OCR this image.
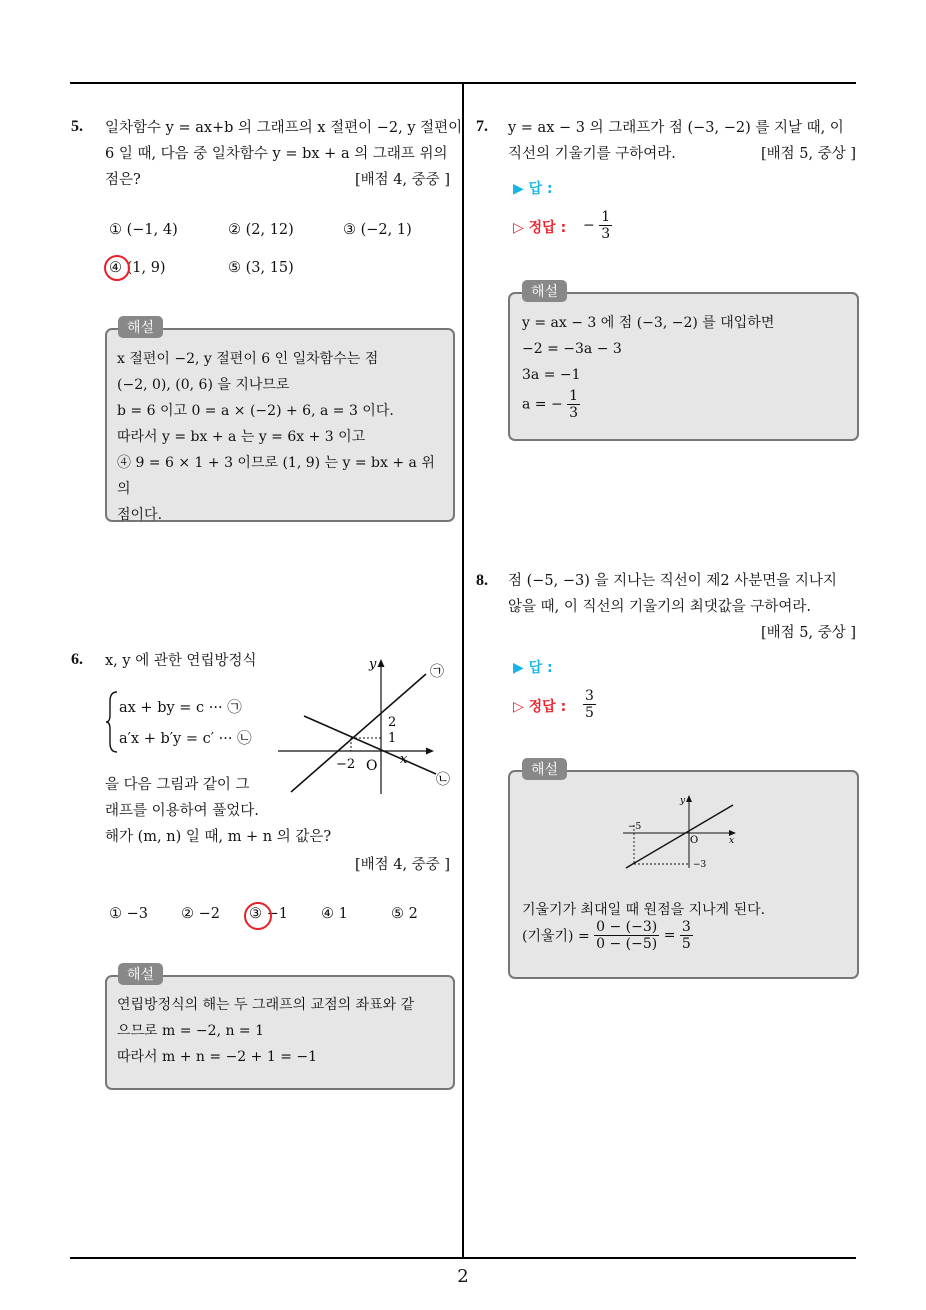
2
5. 일차함수 y = ax+b 의 그래프의 x 절편이 −2, y 절편이
6 일 때, 다음 중 일차함수 y = bx + a 의 그래프 위의
점은?	[배점 4, 중중 ]
① (−1, 4)	② (2, 12)	③ (−2, 1)
④ (1, 9)	⑤ (3, 15)
해설
x 절편이 −2, y 절편이 6 인 일차함수는 점
(−2, 0), (0, 6) 을 지나므로
b = 6 이고 0 = a × (−2) + 6, a = 3 이다.
따라서 y = bx + a 는 y = 6x + 3 이고
④ 9 = 6 × 1 + 3 이므로 (1, 9) 는 y = bx + a 위의
점이다.
6. x, y 에 관한 연립방정식
ax + by = c ··· ㉠
a′x + b′y = c′ ··· ㉡
을 다음 그림과 같이 그
래프를 이용하여 풀었다.
해가 (m, n) 일 때, m + n 의 값은?
[배점 4, 중중 ]
y
x
O
−2
1
2
㉠
㉡
① −3 ② −2 ③ −1 ④ 1	⑤ 2
해설
연립방정식의 해는 두 그래프의 교점의 좌표와 같
으므로 m = −2, n = 1
따라서 m + n = −2 + 1 = −1
7. y = ax − 3 의 그래프가 점 (−3, −2) 를 지날 때, 이
직선의 기울기를 구하여라.	[배점 5, 중상 ]
▶ 답 :
▷ 정답 : − $\frac{1}{3}$
해설
y = ax − 3 에 점 (−3, −2) 를 대입하면
−2 = −3a − 3
3a = −1
a = − $\frac{1}{3}$
8. 점 (−5, −3) 을 지나는 직선이 제2 사분면을 지나지
않을 때, 이 직선의 기울기의 최댓값을 구하여라.
[배점 5, 중상 ]
▶ 답 :
▷ 정답 : $\frac{3}{5}$
해설
y
x
O
−5
−3
기울기가 최대일 때 원점을 지나게 된다.
(기울기) = $\frac{0 - (-3)}{0 - (-5)} = \frac{3}{5}$
